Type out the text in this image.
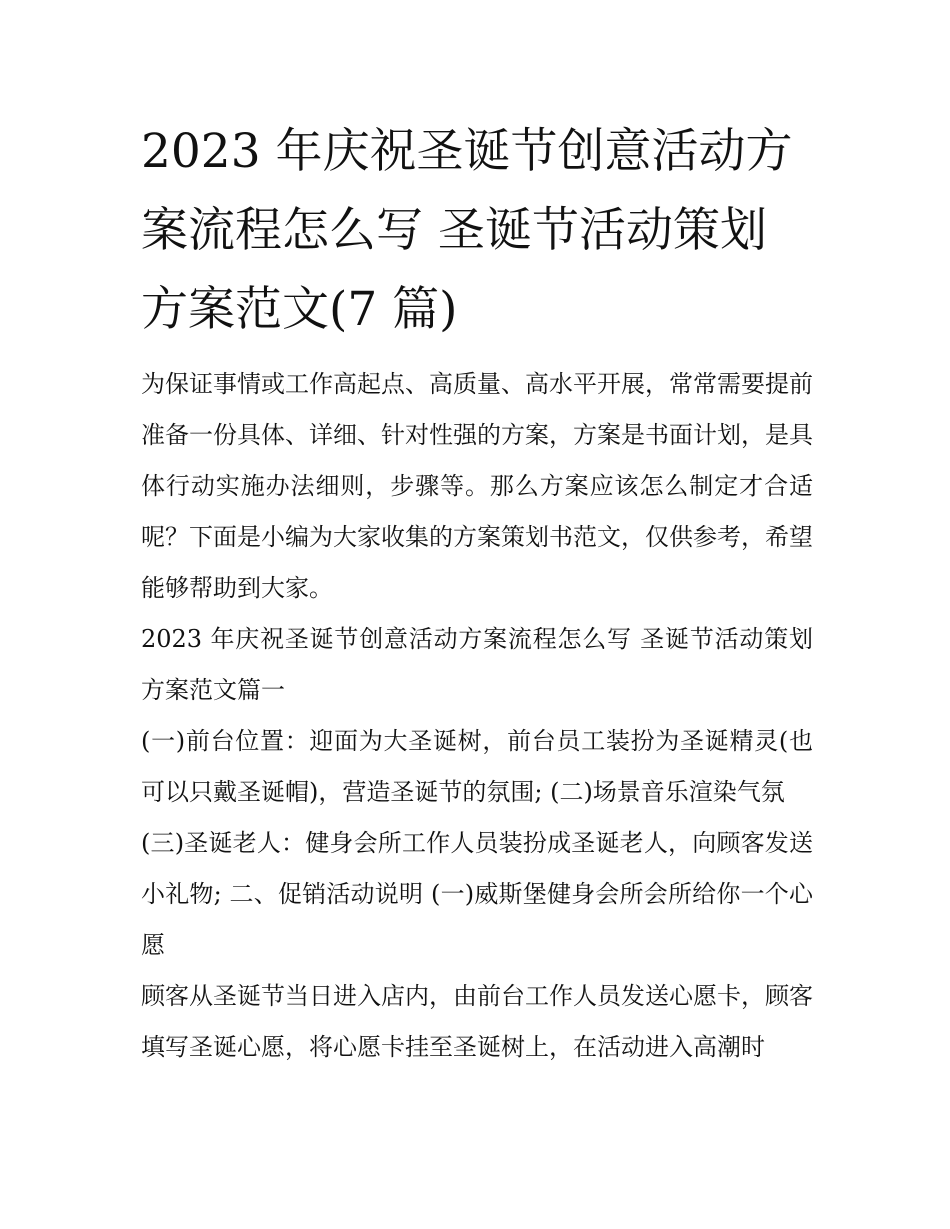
2023 年庆祝圣诞节创意活动方案流程怎么写 圣诞节活动策划方案范文(7 篇)

为保证事情或工作高起点、高质量、高水平开展，常常需要提前准备一份具体、详细、针对性强的方案，方案是书面计划，是具体行动实施办法细则，步骤等。那么方案应该怎么制定才合适呢？下面是小编为大家收集的方案策划书范文，仅供参考，希望能够帮助到大家。

2023 年庆祝圣诞节创意活动方案流程怎么写 圣诞节活动策划方案范文篇一

(一)前台位置：迎面为大圣诞树，前台员工装扮为圣诞精灵(也可以只戴圣诞帽)，营造圣诞节的氛围; (二)场景音乐渲染气氛

(三)圣诞老人：健身会所工作人员装扮成圣诞老人，向顾客发送小礼物; 二、促销活动说明 (一)威斯堡健身会所会所给你一个心愿

顾客从圣诞节当日进入店内，由前台工作人员发送心愿卡，顾客填写圣诞心愿，将心愿卡挂至圣诞树上，在活动进入高潮时
